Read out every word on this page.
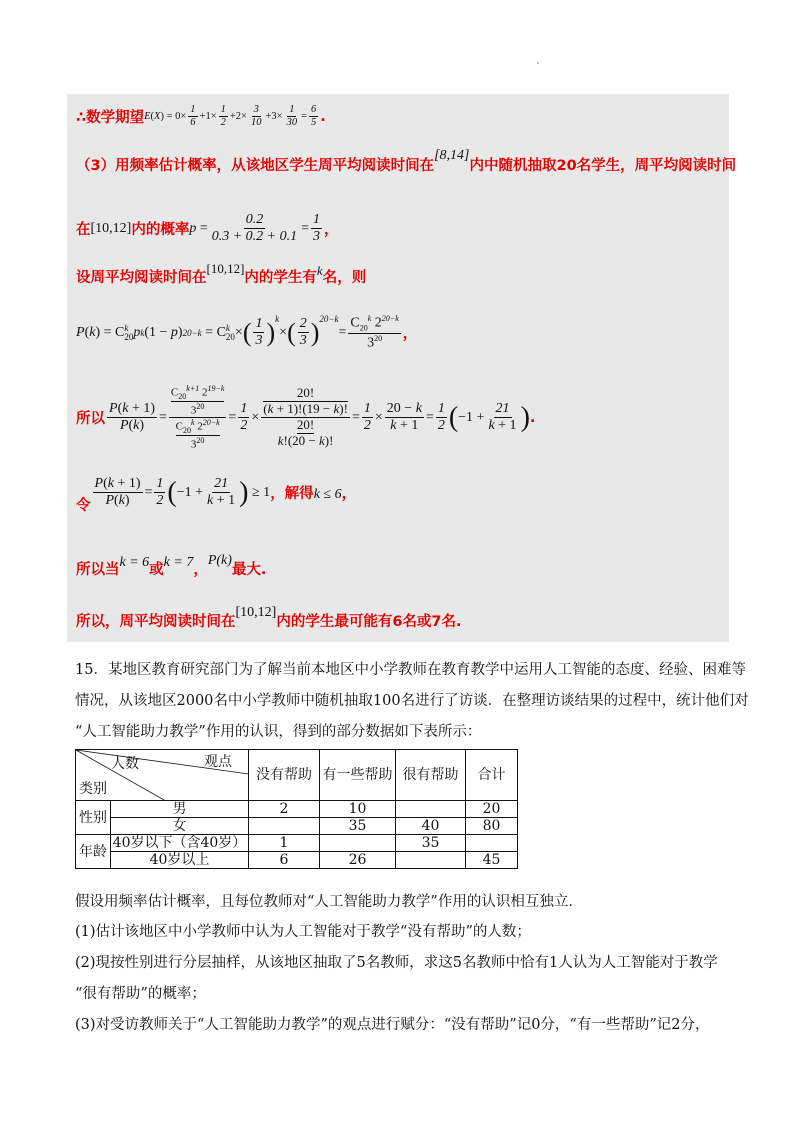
∴数学期望 E ( X ) = $0\times \frac{1}{6} +1\times \frac{1}{2} +2\times \frac{3}{10} +3\times \frac{1}{30} = \frac{6}{5}$ .
（3）用频率估计概率，从该地区学生周平均阅读时间在
[8,14]
内中随机抽取20名学生，周平均阅读时间
在 [10,12] 内的概率 $p = \frac{0.2}{0.3 + 0.2 + 0.1} = \frac{1}{3}$ ，
设周平均阅读时间在
[10,12]
内的学生有 k 名，则
P ( k ) = C k
20 p k (1 − p ) 20−k = C k
20 × ( $\frac{1}{3} )^k$
× ( $\frac{2}{3} )^{20-k}$
= $\frac{C_{20}^k 2^{20-k}}{3^{20}}$ ，
所以 $\frac{P(k + 1)}{P(k)} = C_{20}^{k+1}$ $2^{19-k}$
$3^{20}$
$C_{20}^k$ $2^{20-k}$
$3^{20} = \frac{1}{2} \times 20$!
(k + 1)!(19 − k)!
20!
k!(20 − k)! = $\frac{1}{2} \times \frac{20 - k}{k + 1} = \frac{1}{2}$ ( $-1 + \frac{21}{k + 1}$ ) .
令 $\frac{P(k + 1)}{P(k)} = \frac{1}{2}$ ( $-1 + \frac{21}{k + 1}$ ) ≥ 1 ，解得 k ≤ 6 ，
所以当 k = 6 或 k = 7 ，
P(k)
最大.
所以，周平均阅读时间在
[10,12]
内的学生最可能有6名或7名.
15．某地区教育研究部门为了解当前本地区中小学教师在教育教学中运用人工智能的态度、经验、困难等
情况，从该地区2000名中小学教师中随机抽取100名进行了访谈．在整理访谈结果的过程中，统计他们对
“人工智能助力教学”作用的认识，得到的部分数据如下表所示：
人数 观点
类别		没有帮助	有一些帮助	很有帮助	合计
性别	男	2	10		20
	女		35	40	80
年龄	40岁以下（含40岁）	1		35	
	40岁以上	6	26		45
假设用频率估计概率，且每位教师对“人工智能助力教学”作用的认识相互独立．
(1)估计该地区中小学教师中认为人工智能对于教学“没有帮助”的人数；
(2)現按性别进行分层抽样，从该地区抽取了5名教师，求这5名教师中恰有1人认为人工智能对于教学
“很有帮助”的概率；
(3)对受访教师关于“人工智能助力教学”的观点进行赋分：“没有帮助”记0分，“有一些帮助”记2分，
